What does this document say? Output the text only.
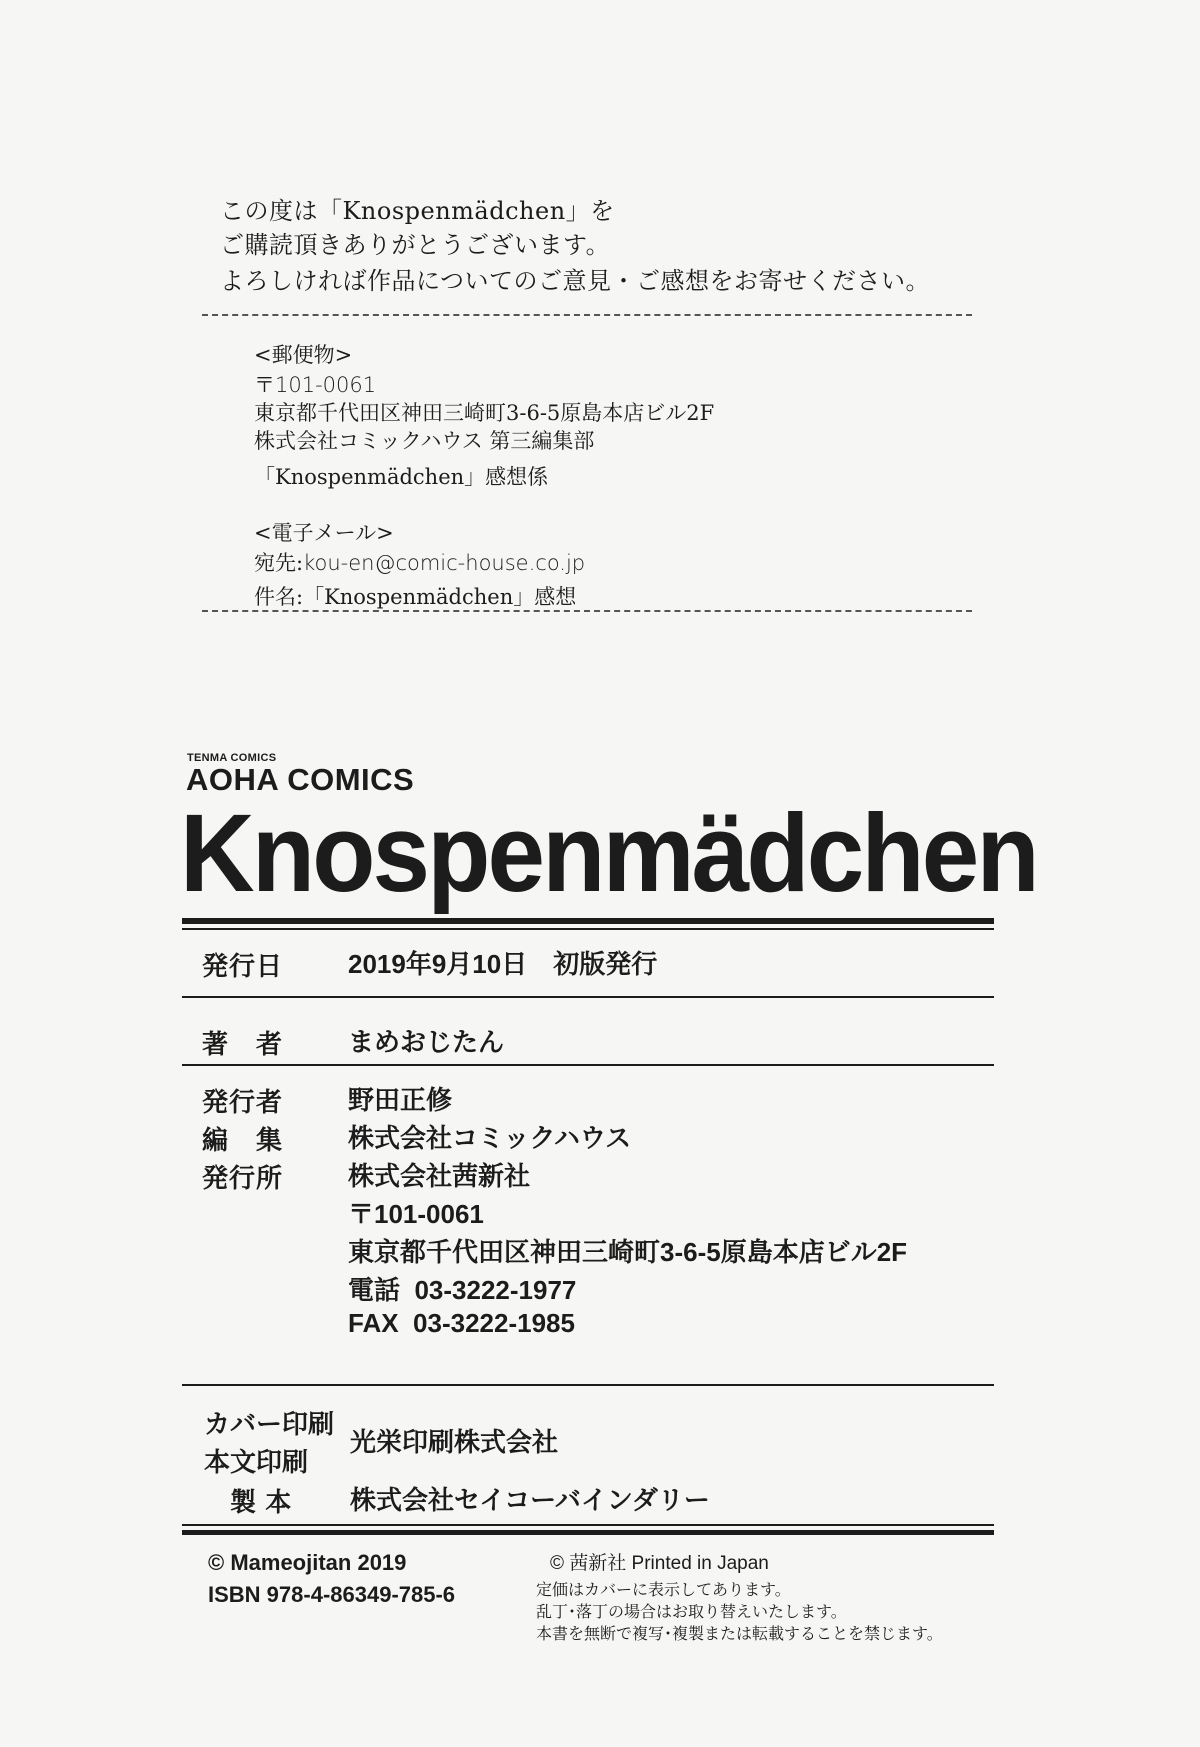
この度は「Knospenmädchen」を
ご購読頂きありがとうございます。
よろしければ作品についてのご意見・ご感想をお寄せください。
<郵便物>
〒101-0061
東京都千代田区神田三崎町3-6-5原島本店ビル2F
株式会社コミックハウス 第三編集部
「Knospenmädchen」感想係
<電子メール>
宛先:kou-en@comic-house.co.jp
件名:「Knospenmädchen」感想
TENMA COMICS
AOHA COMICS
Knospenmädchen
発行日 2019年9月10日　初版発行
著　者 まめおじたん
発行者 野田正修
編　集 株式会社コミックハウス
発行所 株式会社茜新社
〒101-0061
東京都千代田区神田三崎町3-6-5原島本店ビル2F
電話 03-3222-1977
FAX 03-3222-1985
カバー印刷
本文印刷
光栄印刷株式会社
製 本 株式会社セイコーバインダリー
© Mameojitan 2019
ISBN 978-4-86349-785-6
© 茜新社 Printed in Japan
定価はカバーに表示してあります。
乱丁･落丁の場合はお取り替えいたします。
本書を無断で複写･複製または転載することを禁じます。
